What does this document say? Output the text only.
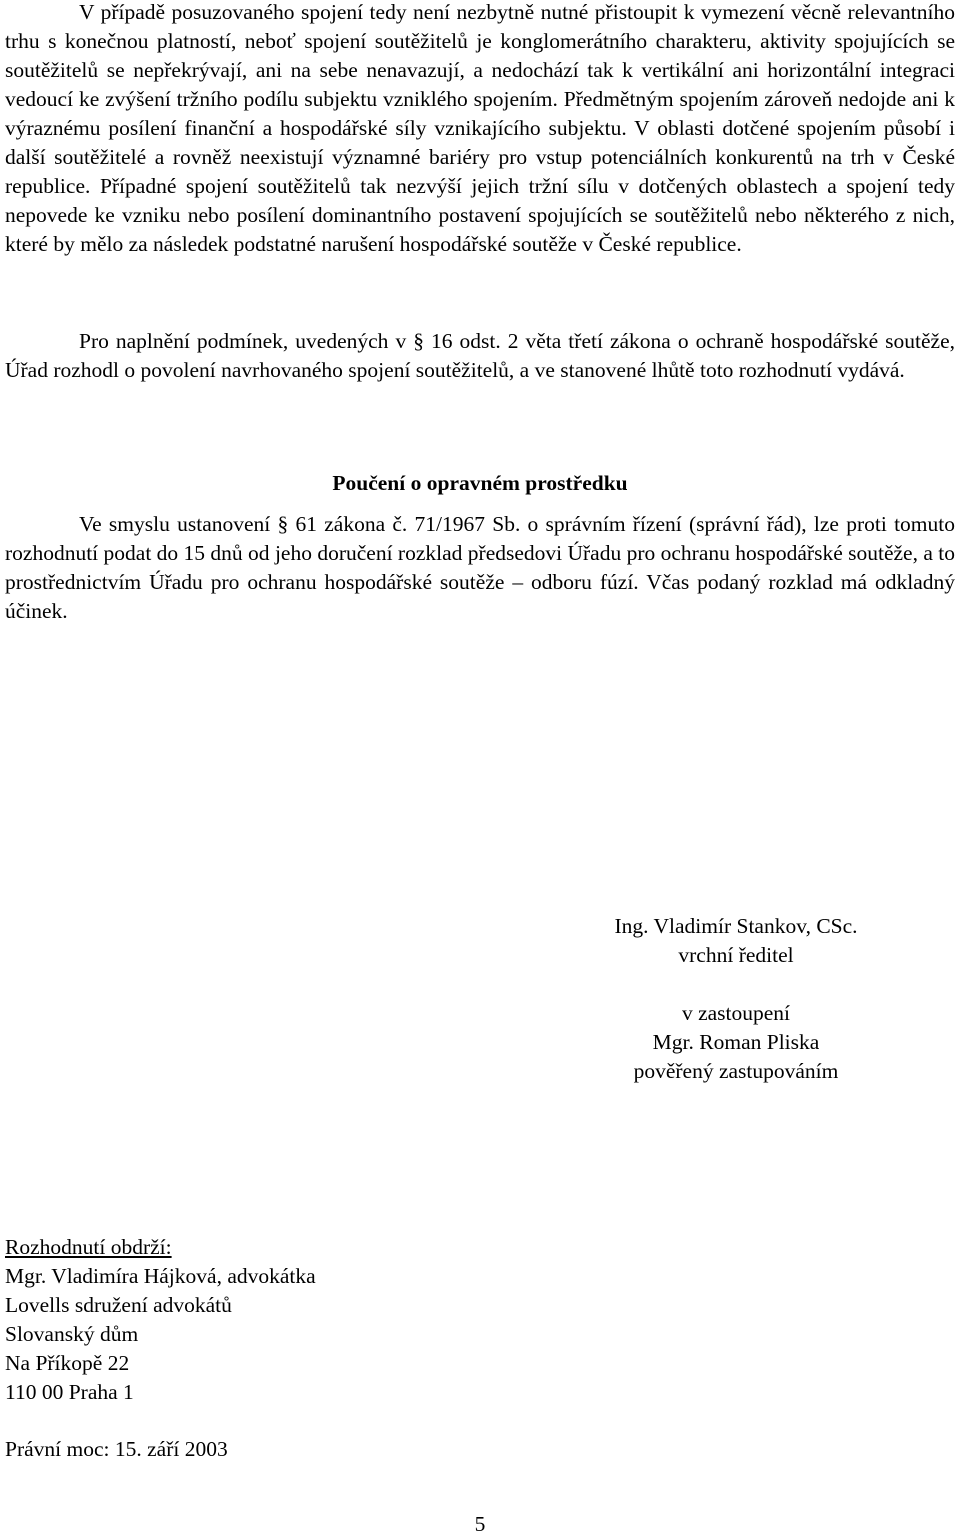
V případě posuzovaného spojení tedy není nezbytně nutné přistoupit k vymezení věcně relevantního trhu s konečnou platností, neboť spojení soutěžitelů je konglomerátního charakteru, aktivity spojujících se soutěžitelů se nepřekrývají, ani na sebe nenavazují, a nedochází tak k vertikální ani horizontální integraci vedoucí ke zvýšení tržního podílu subjektu vzniklého spojením. Předmětným spojením zároveň nedojde ani k výraznému posílení finanční a hospodářské síly vznikajícího subjektu. V oblasti dotčené spojením působí i další soutěžitelé a rovněž neexistují významné bariéry pro vstup potenciálních konkurentů na trh v České republice. Případné spojení soutěžitelů tak nezvýší jejich tržní sílu v dotčených oblastech a spojení tedy nepovede ke vzniku nebo posílení dominantního postavení spojujících se soutěžitelů nebo některého z nich, které by mělo za následek podstatné narušení hospodářské soutěže v České republice.

Pro naplnění podmínek, uvedených v § 16 odst. 2 věta třetí zákona o ochraně hospodářské soutěže, Úřad rozhodl o povolení navrhovaného spojení soutěžitelů, a ve stanovené lhůtě toto rozhodnutí vydává.

Poučení o opravném prostředku

Ve smyslu ustanovení § 61 zákona č. 71/1967 Sb. o správním řízení (správní řád), lze proti tomuto rozhodnutí podat do 15 dnů od jeho doručení rozklad předsedovi Úřadu pro ochranu hospodářské soutěže, a to prostřednictvím Úřadu pro ochranu hospodářské soutěže – odboru fúzí. Včas podaný rozklad má odkladný účinek.

Ing. Vladimír Stankov, CSc.
vrchní ředitel
v zastoupení
Mgr. Roman Pliska
pověřený zastupováním
Rozhodnutí obdrží:
Mgr. Vladimíra Hájková, advokátka
Lovells sdružení advokátů
Slovanský dům
Na Příkopě 22
110 00 Praha 1
Právní moc: 15. září 2003
5
